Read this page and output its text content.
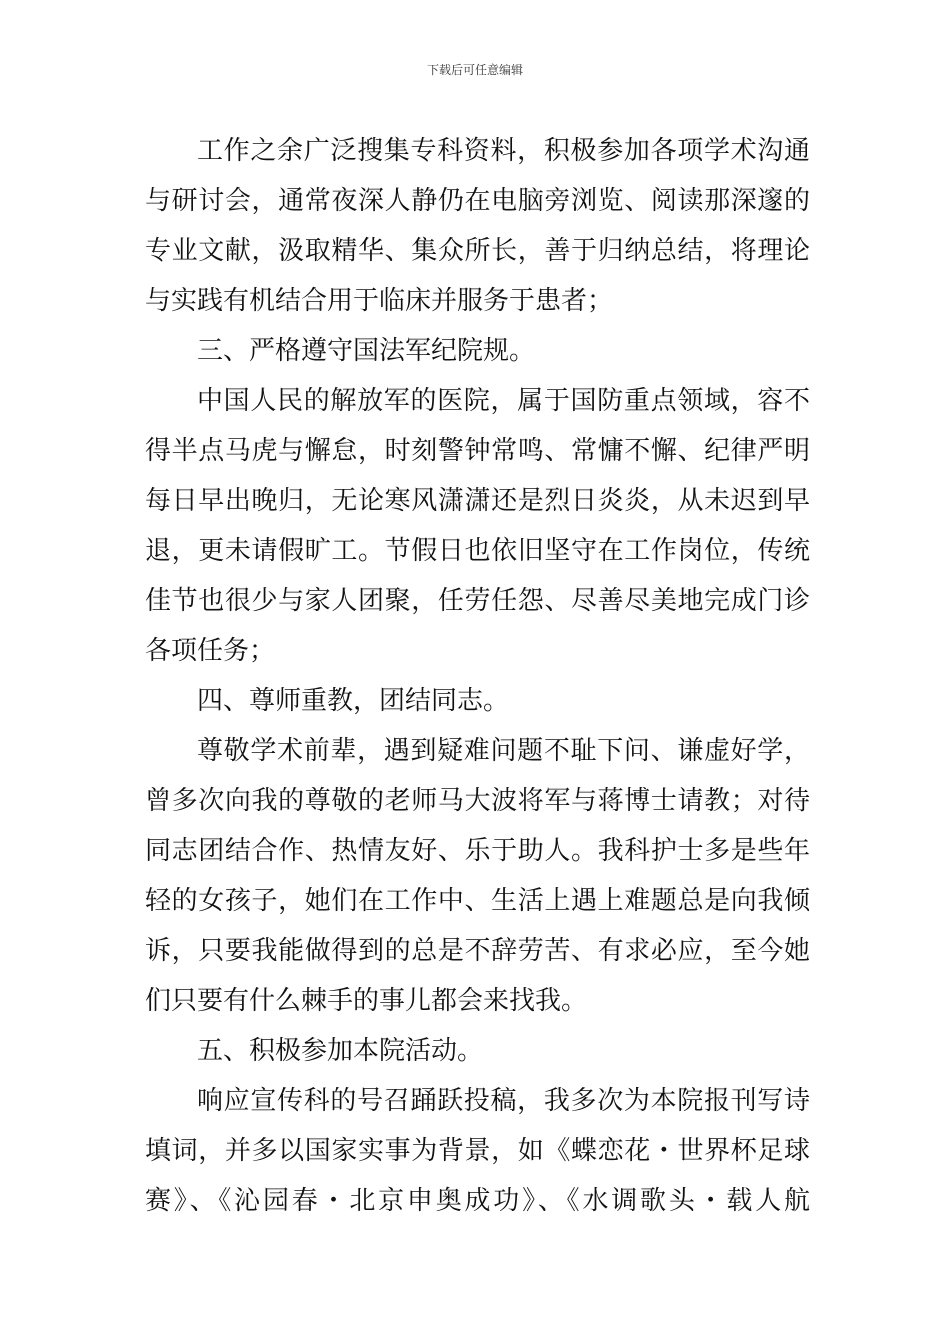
下载后可任意编辑
工作之余广泛搜集专科资料，积极参加各项学术沟通
与研讨会，通常夜深人静仍在电脑旁浏览、阅读那深邃的
专业文献，汲取精华、集众所长，善于归纳总结，将理论
与实践有机结合用于临床并服务于患者；
三、严格遵守国法军纪院规。
中国人民的解放军的医院，属于国防重点领域，容不
得半点马虎与懈怠，时刻警钟常鸣、常慵不懈、纪律严明
每日早出晚归，无论寒风潇潇还是烈日炎炎，从未迟到早
退，更未请假旷工。节假日也依旧坚守在工作岗位，传统
佳节也很少与家人团聚，任劳任怨、尽善尽美地完成门诊
各项任务；
四、尊师重教，团结同志。
尊敬学术前辈，遇到疑难问题不耻下问、谦虚好学，
曾多次向我的尊敬的老师马大波将军与蒋博士请教；对待
同志团结合作、热情友好、乐于助人。我科护士多是些年
轻的女孩子，她们在工作中、生活上遇上难题总是向我倾
诉，只要我能做得到的总是不辞劳苦、有求必应，至今她
们只要有什么棘手的事儿都会来找我。
五、积极参加本院活动。
响应宣传科的号召踊跃投稿，我多次为本院报刊写诗
填词，并多以国家实事为背景，如《蝶恋花・世界杯足球
赛》、《沁园春・北京申奥成功》、《水调歌头・载人航
